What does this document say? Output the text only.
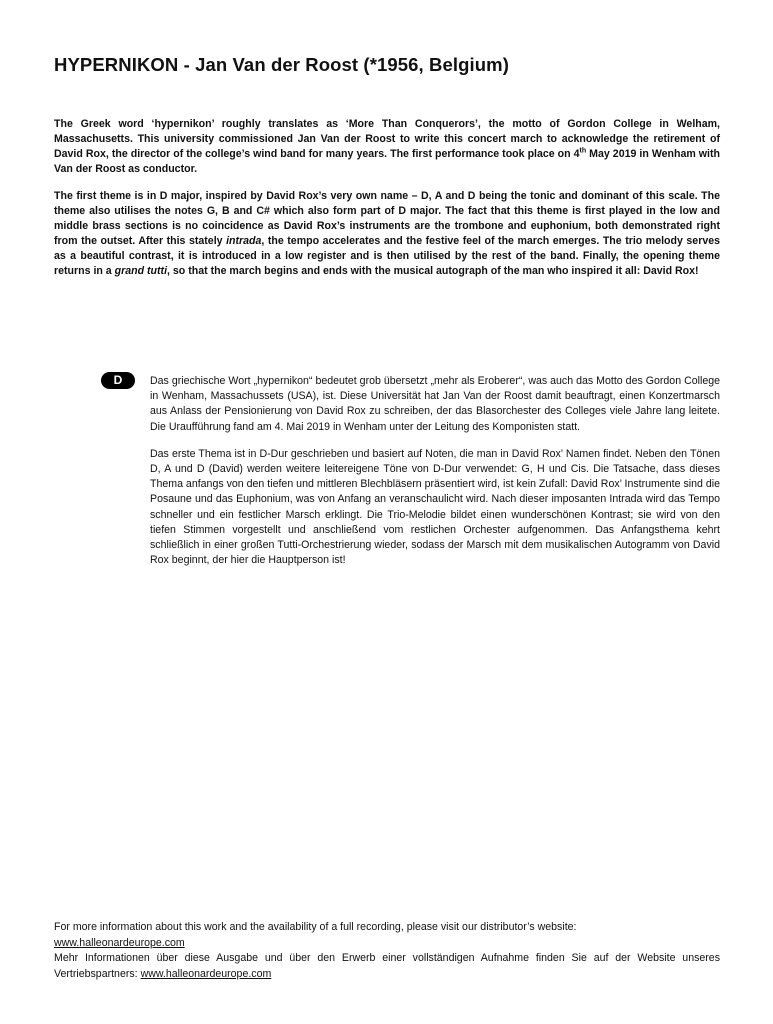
HYPERNIKON - Jan Van der Roost (*1956, Belgium)

The Greek word ‘hypernikon’ roughly translates as ‘More Than Conquerors’, the motto of Gordon College in Welham, Massachusetts. This university commissioned Jan Van der Roost to write this concert march to acknowledge the retirement of David Rox, the director of the college’s wind band for many years. The first performance took place on 4th May 2019 in Wenham with Van der Roost as conductor.

The first theme is in D major, inspired by David Rox’s very own name – D, A and D being the tonic and dominant of this scale. The theme also utilises the notes G, B and C# which also form part of D major. The fact that this theme is first played in the low and middle brass sections is no coincidence as David Rox’s instruments are the trombone and euphonium, both demonstrated right from the outset. After this stately intrada, the tempo accelerates and the festive feel of the march emerges. The trio melody serves as a beautiful contrast, it is introduced in a low register and is then utilised by the rest of the band. Finally, the opening theme returns in a grand tutti, so that the march begins and ends with the musical autograph of the man who inspired it all: David Rox!

D	Das griechische Wort „hypernikon“ bedeutet grob übersetzt „mehr als Eroberer“, was auch das Motto des Gordon College in Wenham, Massachussets (USA), ist. Diese Universität hat Jan Van der Roost damit beauftragt, einen Konzertmarsch aus Anlass der Pensionierung von David Rox zu schreiben, der das Blasorchester des Colleges viele Jahre lang leitete. Die Uraufführung fand am 4. Mai 2019 in Wenham unter der Leitung des Komponisten statt.

Das erste Thema ist in D-Dur geschrieben und basiert auf Noten, die man in David Rox’ Namen findet. Neben den Tönen D, A und D (David) werden weitere leitereigene Töne von D-Dur verwendet: G, H und Cis. Die Tatsache, dass dieses Thema anfangs von den tiefen und mittleren Blechbläsern präsentiert wird, ist kein Zufall: David Rox’ Instrumente sind die Posaune und das Euphonium, was von Anfang an veranschaulicht wird. Nach dieser imposanten Intrada wird das Tempo schneller und ein festlicher Marsch erklingt. Die Trio-Melodie bildet einen wunderschönen Kontrast; sie wird von den tiefen Stimmen vorgestellt und anschließend vom restlichen Orchester aufgenommen. Das Anfangsthema kehrt schließlich in einer großen Tutti-Orchestrierung wieder, sodass der Marsch mit dem musikalischen Autogramm von David Rox beginnt, der hier die Hauptperson ist!

For more information about this work and the availability of a full recording, please visit our distributor’s website:

www.halleonardeurope.com

Mehr Informationen über diese Ausgabe und über den Erwerb einer vollständigen Aufnahme finden Sie auf der Website unseres Vertriebspartners: www.halleonardeurope.com
